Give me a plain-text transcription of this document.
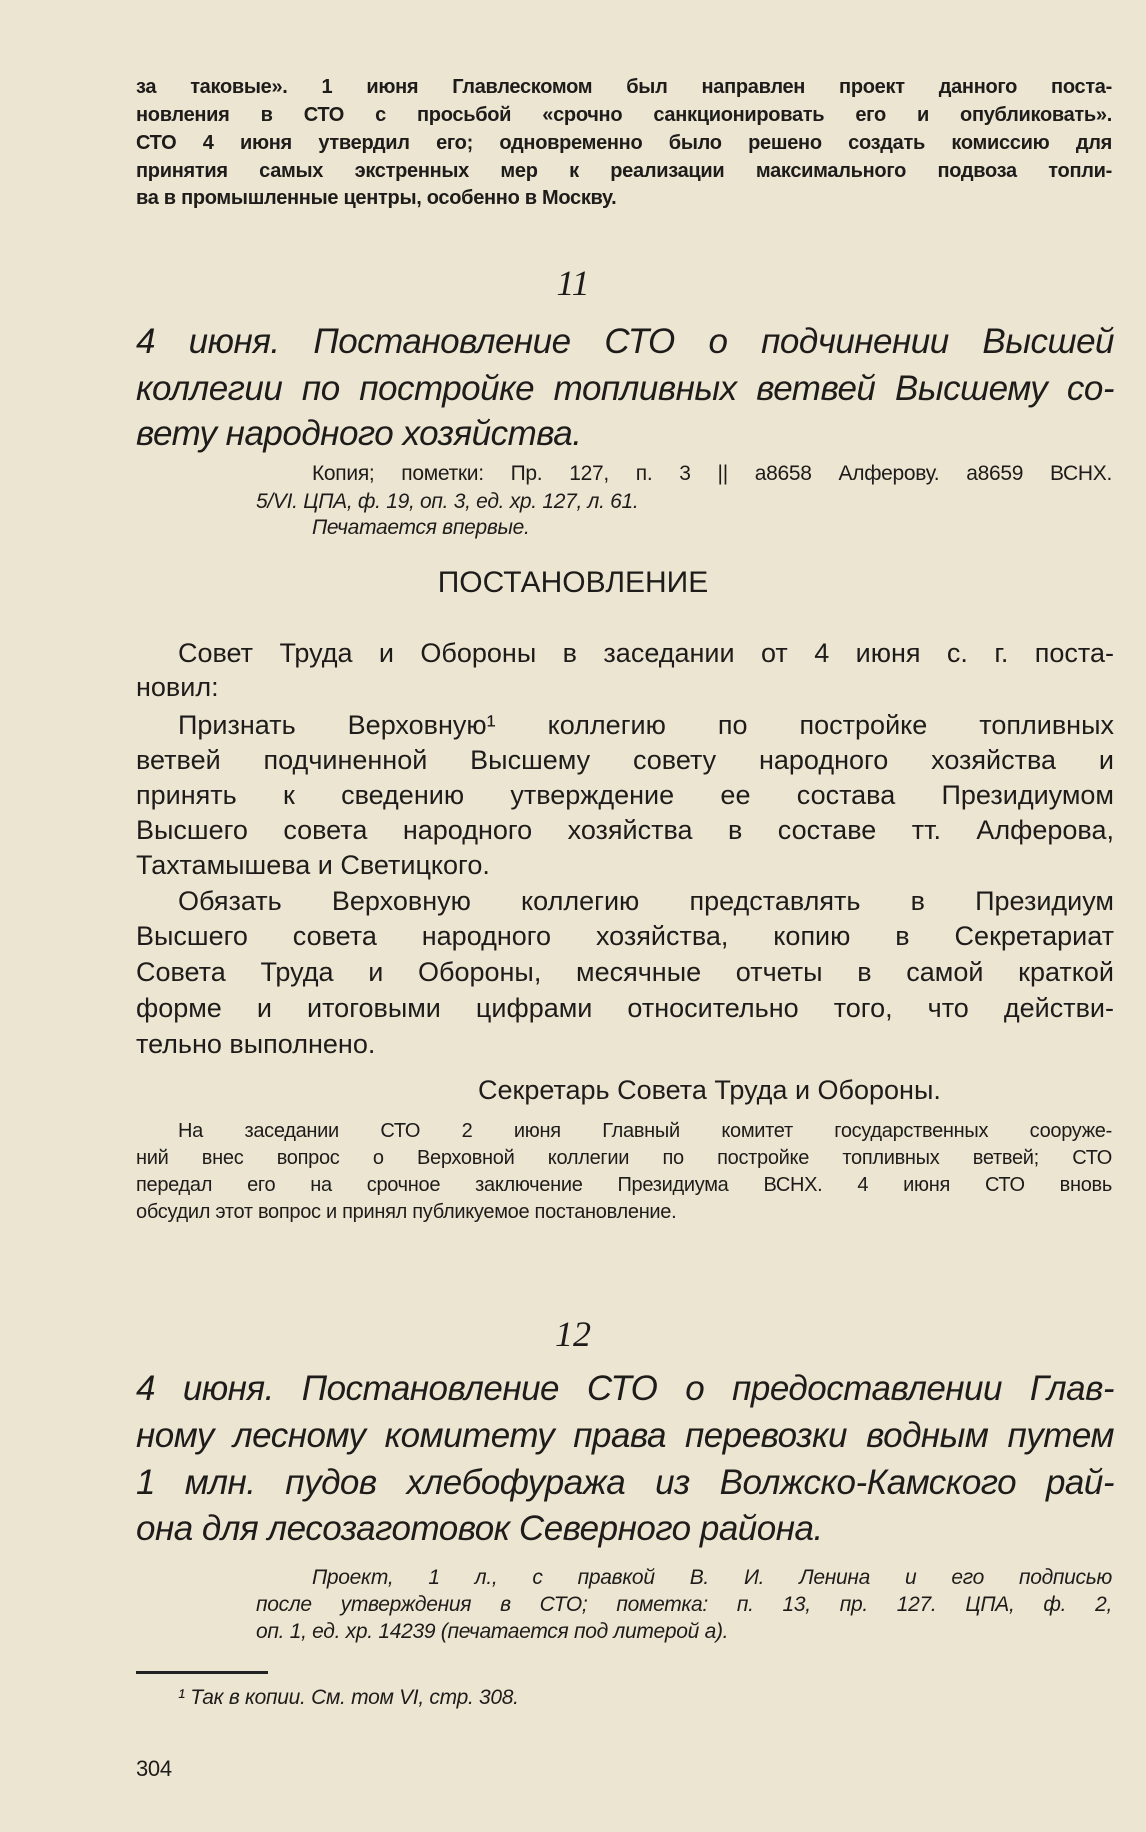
за таковые». 1 июня Главлескомом был направлен проект данного поста-
новления в СТО с просьбой «срочно санкционировать его и опубликовать».
СТО 4 июня утвердил его; одновременно было решено создать комиссию для
принятия самых экстренных мер к реализации максимального подвоза топли-
ва в промышленные центры, особенно в Москву.
11
4 июня. Постановление СТО о подчинении Высшей
коллегии по постройке топливных ветвей Высшему со-
вету народного хозяйства.
Копия; пометки: Пр. 127, п. 3 || а8658 Алферову. а8659 ВСНХ.
5/VI. ЦПА, ф. 19, оп. 3, ед. хр. 127, л. 61.
Печатается впервые.
ПОСТАНОВЛЕНИЕ
Совет Труда и Обороны в заседании от 4 июня с. г. поста-
новил:
Признать Верховную¹ коллегию по постройке топливных
ветвей подчиненной Высшему совету народного хозяйства и
принять к сведению утверждение ее состава Президиумом
Высшего совета народного хозяйства в составе тт. Алферова,
Тахтамышева и Светицкого.
Обязать Верховную коллегию представлять в Президиум
Высшего совета народного хозяйства, копию в Секретариат
Совета Труда и Обороны, месячные отчеты в самой краткой
форме и итоговыми цифрами относительно того, что действи-
тельно выполнено.
Секретарь Совета Труда и Обороны.
На заседании СТО 2 июня Главный комитет государственных сооруже-
ний внес вопрос о Верховной коллегии по постройке топливных ветвей; СТО
передал его на срочное заключение Президиума ВСНХ. 4 июня СТО вновь
обсудил этот вопрос и принял публикуемое постановление.
12
4 июня. Постановление СТО о предоставлении Глав-
ному лесному комитету права перевозки водным путем
1 млн. пудов хлебофуража из Волжско-Камского рай-
она для лесозаготовок Северного района.
Проект, 1 л., с правкой В. И. Ленина и его подписью
после утверждения в СТО; пометка: п. 13, пр. 127. ЦПА, ф. 2,
оп. 1, ед. хр. 14239 (печатается под литерой а).
¹ Так в копии. См. том VI, стр. 308.
304
